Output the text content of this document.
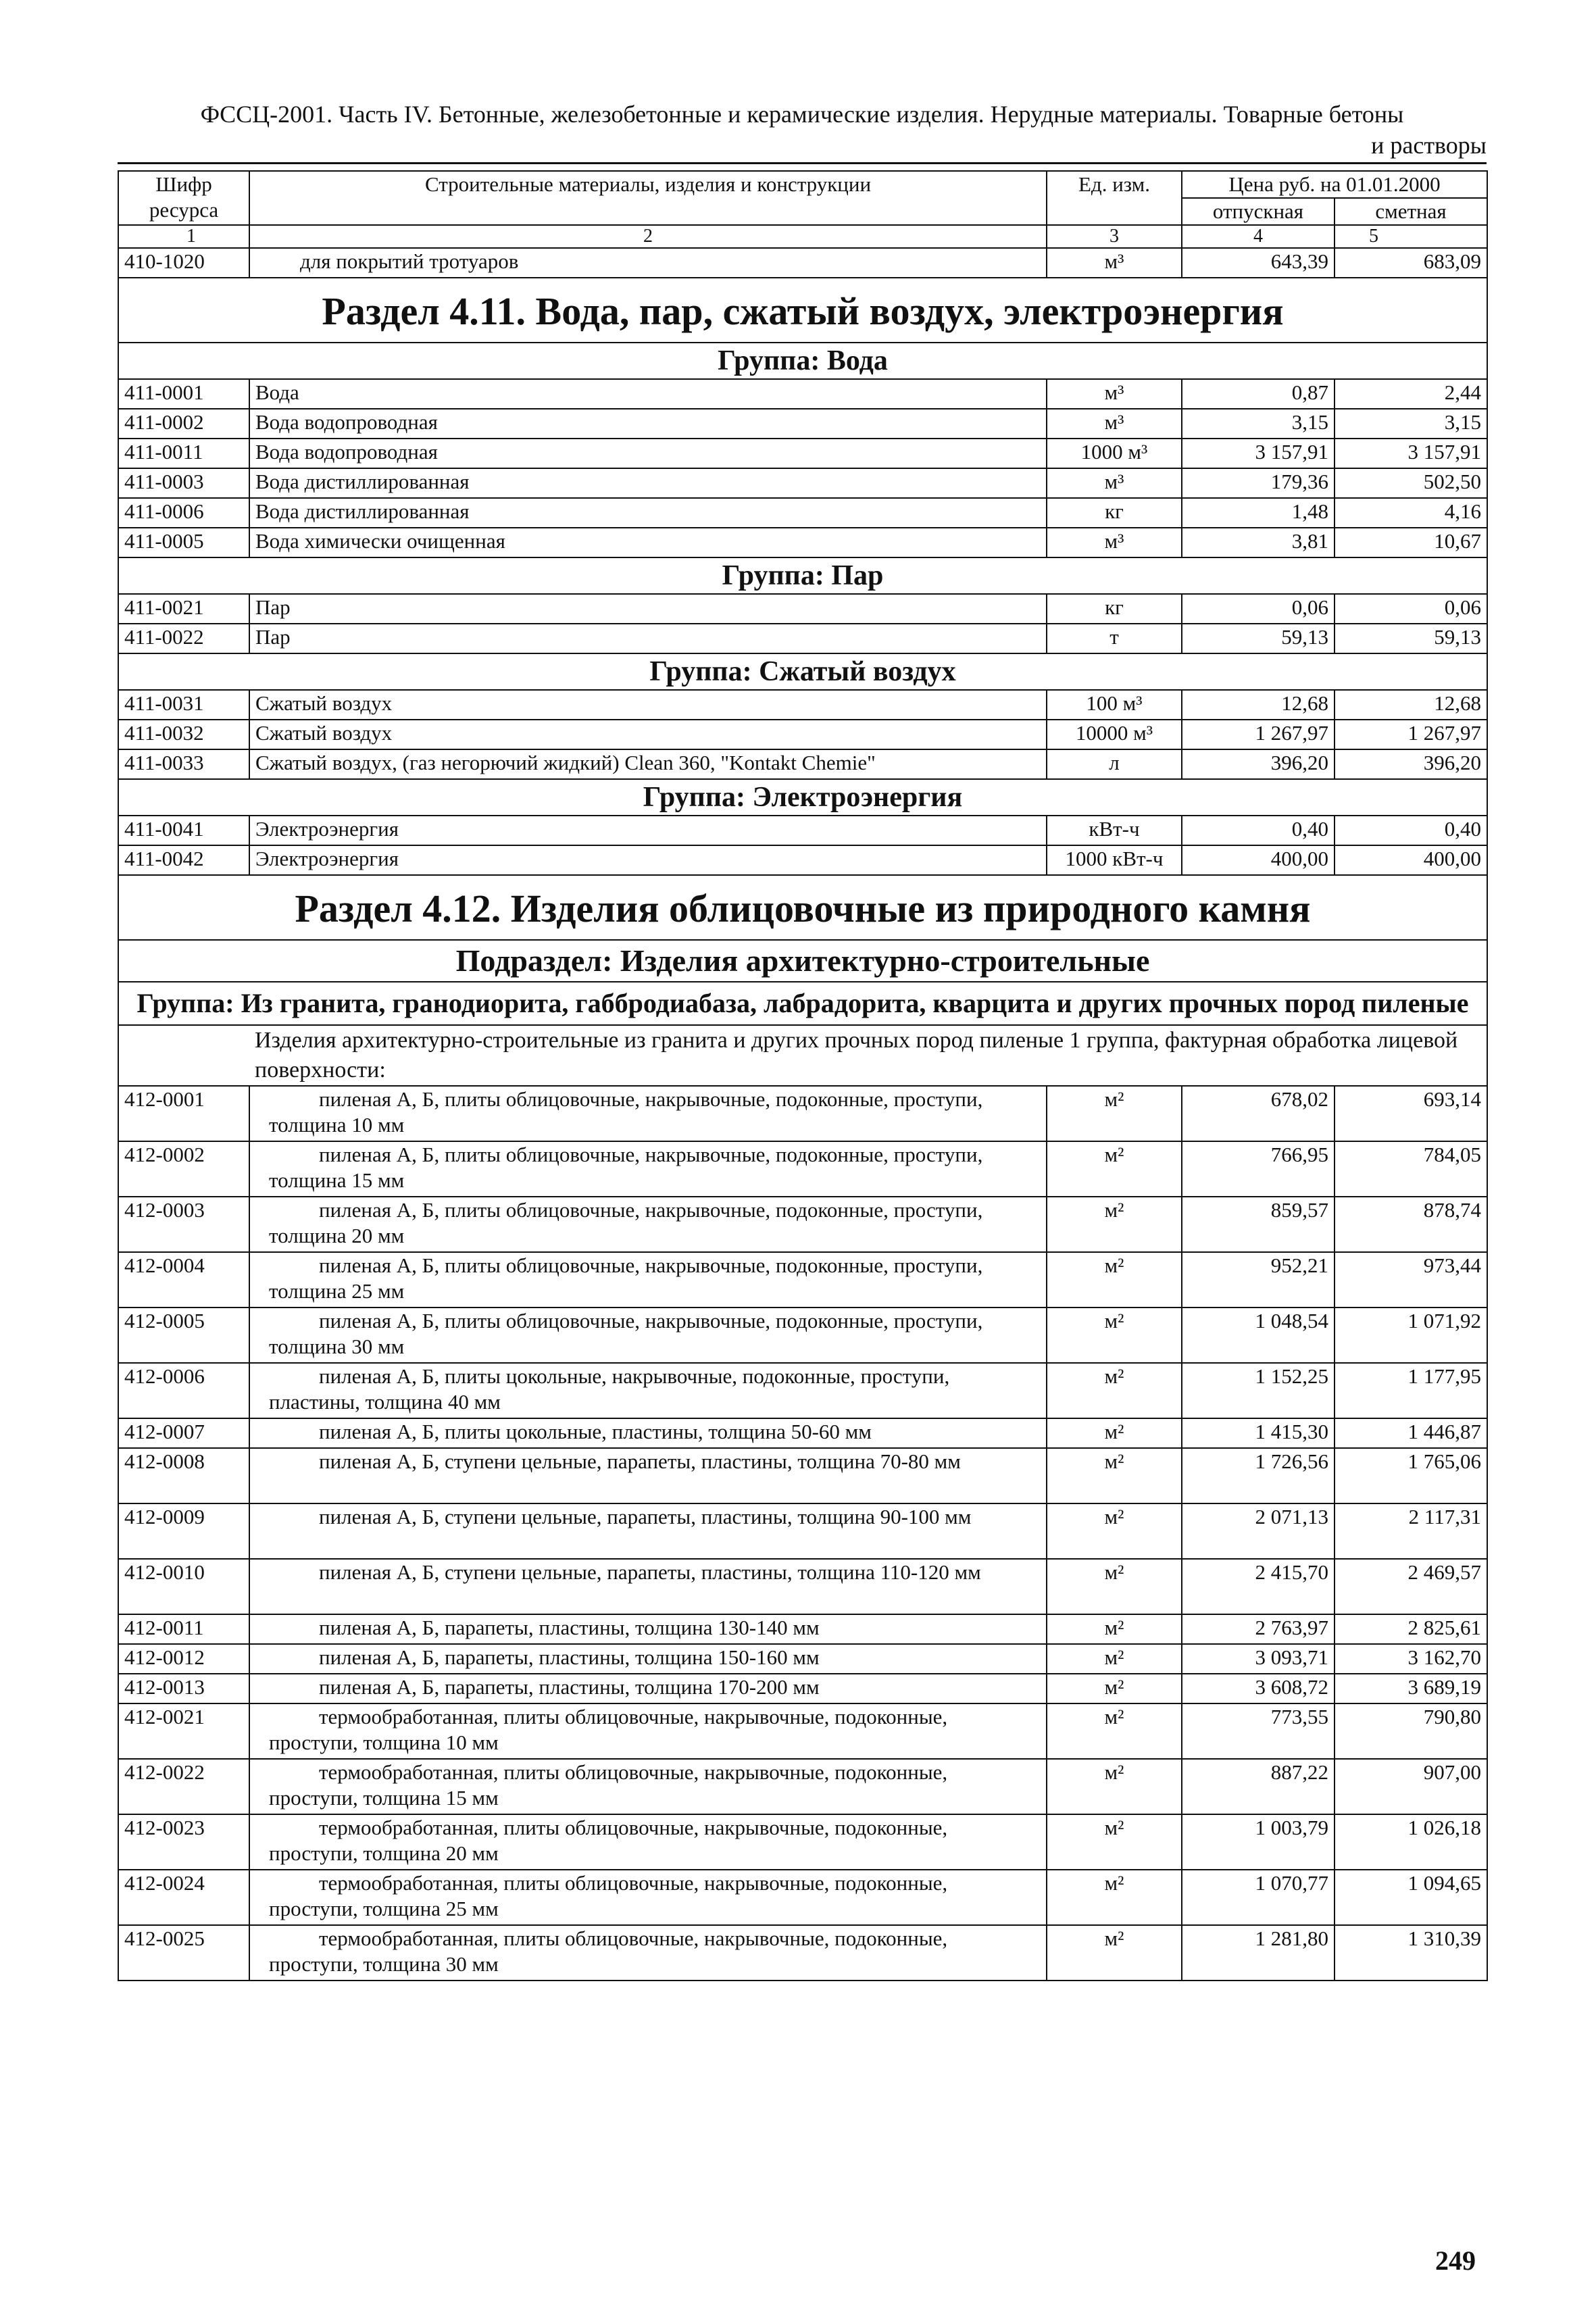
ФССЦ-2001. Часть IV. Бетонные, железобетонные и керамические изделия. Нерудные материалы. Товарные бетоны
и растворы
Шифр ресурса	Строительные материалы, изделия и конструкции	Ед. изм.	Цена руб. на 01.01.2000	
			отпускная	сметная
1	2	3	4	5
410-1020	для покрытий тротуаров	м³	643,39	683,09
Раздел 4.11. Вода, пар, сжатый воздух, электроэнергия				
Группа: Вода				
411-0001	Вода	м³	0,87	2,44
411-0002	Вода водопроводная	м³	3,15	3,15
411-0011	Вода водопроводная	1000 м³	3 157,91	3 157,91
411-0003	Вода дистиллированная	м³	179,36	502,50
411-0006	Вода дистиллированная	кг	1,48	4,16
411-0005	Вода химически очищенная	м³	3,81	10,67
Группа: Пар				
411-0021	Пар	кг	0,06	0,06
411-0022	Пар	т	59,13	59,13
Группа: Сжатый воздух				
411-0031	Сжатый воздух	100 м³	12,68	12,68
411-0032	Сжатый воздух	10000 м³	1 267,97	1 267,97
411-0033	Сжатый воздух, (газ негорючий жидкий) Clean 360, "Kontakt Chemie"	л	396,20	396,20
Группа: Электроэнергия				
411-0041	Электроэнергия	кВт-ч	0,40	0,40
411-0042	Электроэнергия	1000 кВт-ч	400,00	400,00
Раздел 4.12. Изделия облицовочные из природного камня				
Подраздел: Изделия архитектурно-строительные				
Группа: Из гранита, гранодиорита, габбродиабаза, лабрадорита, кварцита и других прочных пород пиленые				
	Изделия архитектурно-строительные из гранита и других прочных пород пиленые 1 группа, фактурная обработка лицевой поверхности:			
412-0001	пиленая А, Б, плиты облицовочные, накрывочные, подоконные, проступи, толщина 10 мм	м²	678,02	693,14
412-0002	пиленая А, Б, плиты облицовочные, накрывочные, подоконные, проступи, толщина 15 мм	м²	766,95	784,05
412-0003	пиленая А, Б, плиты облицовочные, накрывочные, подоконные, проступи, толщина 20 мм	м²	859,57	878,74
412-0004	пиленая А, Б, плиты облицовочные, накрывочные, подоконные, проступи, толщина 25 мм	м²	952,21	973,44
412-0005	пиленая А, Б, плиты облицовочные, накрывочные, подоконные, проступи, толщина 30 мм	м²	1 048,54	1 071,92
412-0006	пиленая А, Б, плиты цокольные, накрывочные, подоконные, проступи, пластины, толщина 40 мм	м²	1 152,25	1 177,95
412-0007	пиленая А, Б, плиты цокольные, пластины, толщина 50-60 мм	м²	1 415,30	1 446,87
412-0008	пиленая А, Б, ступени цельные, парапеты, пластины, толщина 70-80 мм	м²	1 726,56	1 765,06
412-0009	пиленая А, Б, ступени цельные, парапеты, пластины, толщина 90-100 мм	м²	2 071,13	2 117,31
412-0010	пиленая А, Б, ступени цельные, парапеты, пластины, толщина 110-120 мм	м²	2 415,70	2 469,57
412-0011	пиленая А, Б, парапеты, пластины, толщина 130-140 мм	м²	2 763,97	2 825,61
412-0012	пиленая А, Б, парапеты, пластины, толщина 150-160 мм	м²	3 093,71	3 162,70
412-0013	пиленая А, Б, парапеты, пластины, толщина 170-200 мм	м²	3 608,72	3 689,19
412-0021	термообработанная, плиты облицовочные, накрывочные, подоконные, проступи, толщина 10 мм	м²	773,55	790,80
412-0022	термообработанная, плиты облицовочные, накрывочные, подоконные, проступи, толщина 15 мм	м²	887,22	907,00
412-0023	термообработанная, плиты облицовочные, накрывочные, подоконные, проступи, толщина 20 мм	м²	1 003,79	1 026,18
412-0024	термообработанная, плиты облицовочные, накрывочные, подоконные, проступи, толщина 25 мм	м²	1 070,77	1 094,65
412-0025	термообработанная, плиты облицовочные, накрывочные, подоконные, проступи, толщина 30 мм	м²	1 281,80	1 310,39
249
